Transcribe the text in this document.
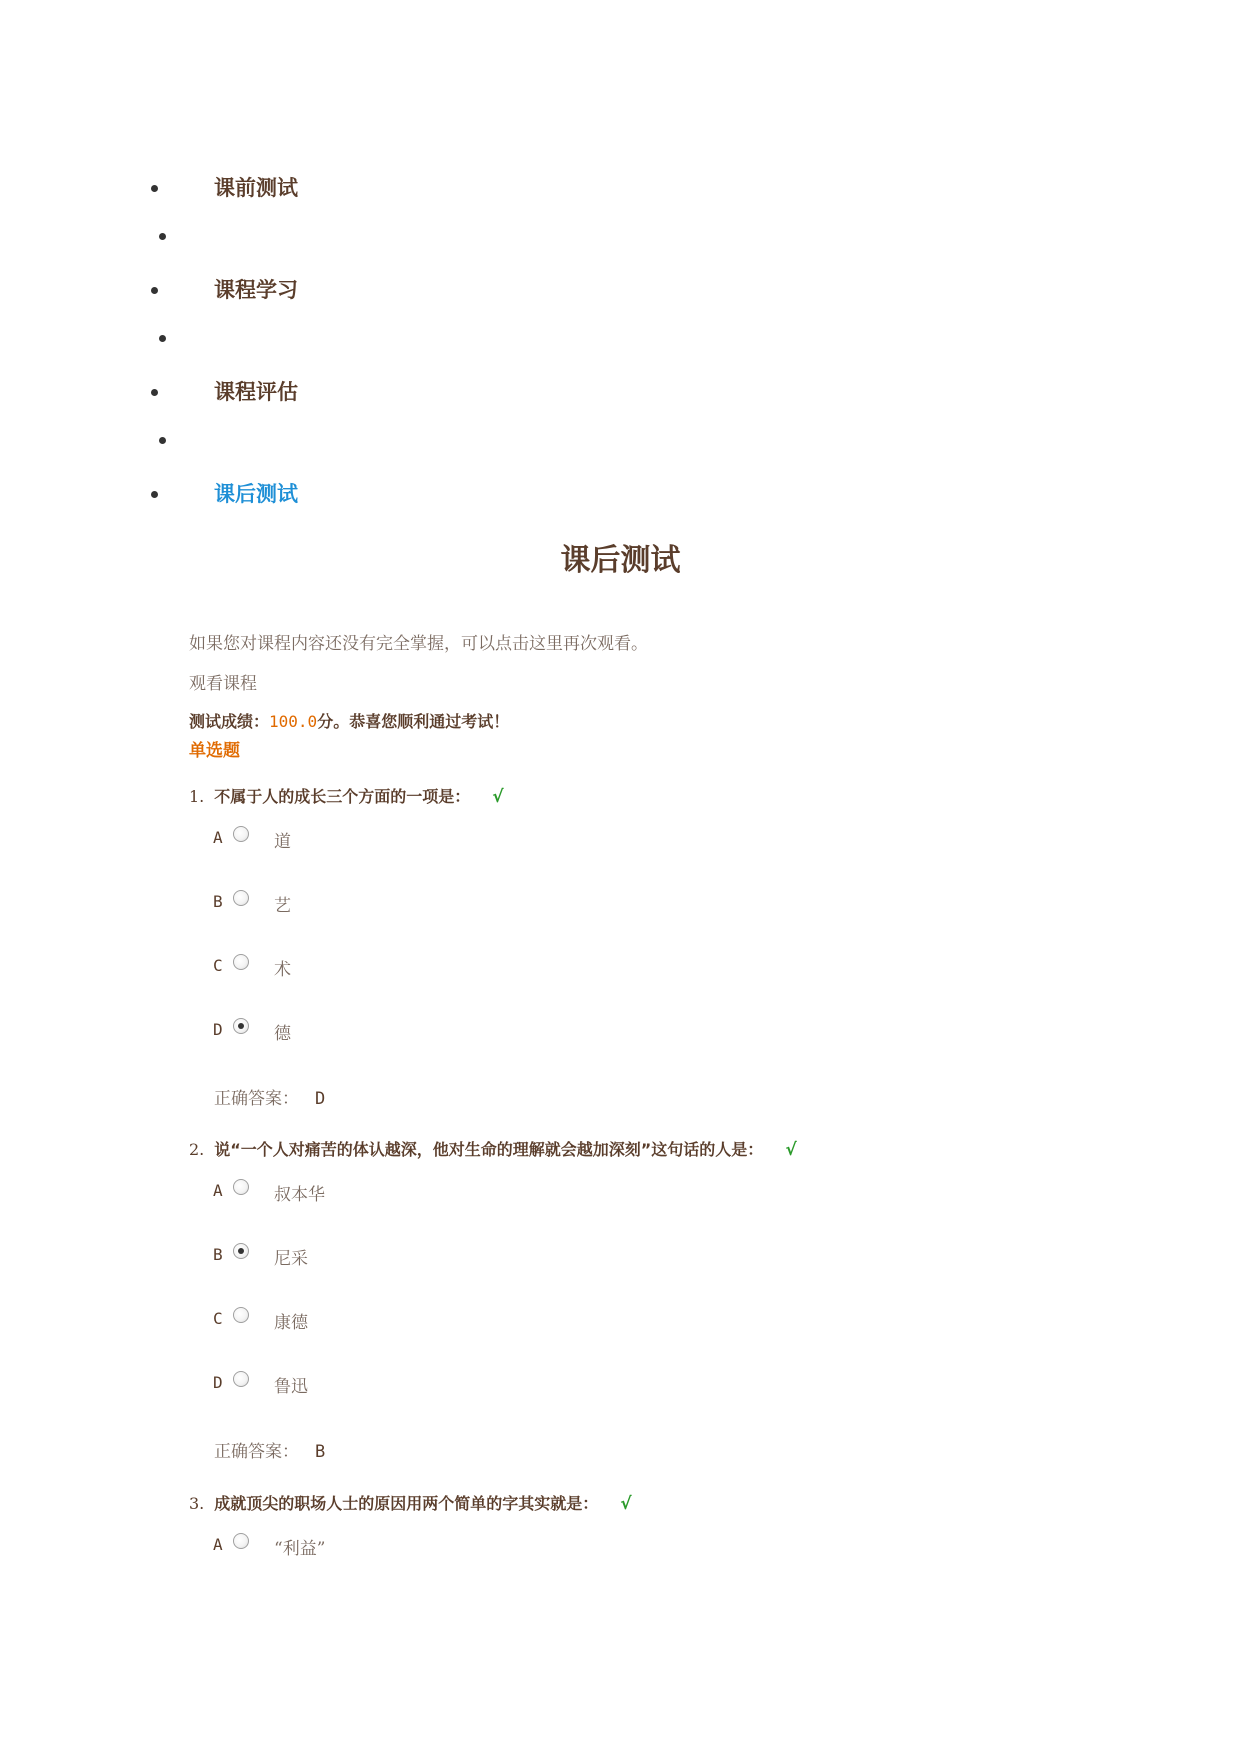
课前测试
课程学习
课程评估
课后测试
课后测试
如果您对课程内容还没有完全掌握，可以点击这里再次观看。
观看课程
测试成绩：100.0分。恭喜您顺利通过考试！
单选题
1. 不属于人的成长三个方面的一项是： √
A	道
B	艺
C	术
D	德
正确答案： D
2. 说“一个人对痛苦的体认越深，他对生命的理解就会越加深刻”这句话的人是： √
A	叔本华
B	尼采
C	康德
D	鲁迅
正确答案： B
3. 成就顶尖的职场人士的原因用两个简单的字其实就是： √
A	“利益”
